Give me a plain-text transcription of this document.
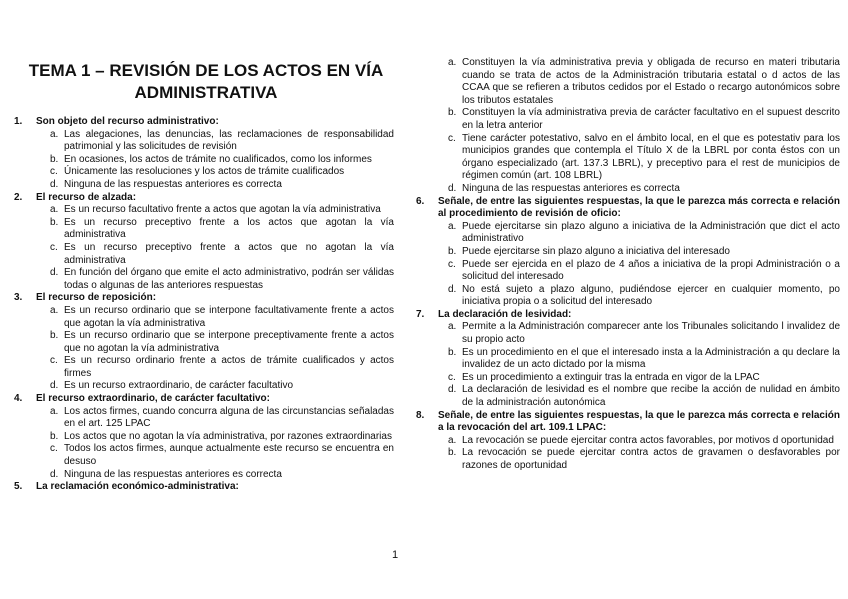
TEMA 1 – REVISIÓN DE LOS ACTOS EN VÍA
ADMINISTRATIVA
1.	Son objeto del recurso administrativo:
a. Las alegaciones, las denuncias, las reclamaciones de responsabilidad patrimonial y las solicitudes de revisión
b. En ocasiones, los actos de trámite no cualificados, como los informes
c. Únicamente las resoluciones y los actos de trámite cualificados
d. Ninguna de las respuestas anteriores es correcta
2.	El recurso de alzada:
a. Es un recurso facultativo frente a actos que agotan la vía administrativa
b. Es un recurso preceptivo frente a los actos que agotan la vía administrativa
c. Es un recurso preceptivo frente a actos que no agotan la vía administrativa
d. En función del órgano que emite el acto administrativo, podrán ser válidas todas o algunas de las anteriores respuestas
3.	El recurso de reposición:
a. Es un recurso ordinario que se interpone facultativamente frente a actos que agotan la vía administrativa
b. Es un recurso ordinario que se interpone preceptivamente frente a actos que no agotan la vía administrativa
c. Es un recurso ordinario frente a actos de trámite cualificados y actos firmes
d. Es un recurso extraordinario, de carácter facultativo
4.	El recurso extraordinario, de carácter facultativo:
a. Los actos firmes, cuando concurra alguna de las circunstancias señaladas en el art. 125 LPAC
b. Los actos que no agotan la vía administrativa, por razones extraordinarias
c. Todos los actos firmes, aunque actualmente este recurso se encuentra en desuso
d. Ninguna de las respuestas anteriores es correcta
5.	La reclamación económico-administrativa:
a. Constituyen la vía administrativa previa y obligada de recurso en materi tributaria cuando se trata de actos de la Administración tributaria estatal o d actos de las CCAA que se refieren a tributos cedidos por el Estado o recargo autonómicos sobre los tributos estatales
b. Constituyen la vía administrativa previa de carácter facultativo en el supuest descrito en la letra anterior
c. Tiene carácter potestativo, salvo en el ámbito local, en el que es potestativ para los municipios grandes que contempla el Título X de la LBRL por conta éstos con un órgano especializado (art. 137.3 LBRL), y preceptivo para el rest de municipios de régimen común (art. 108 LBRL)
d. Ninguna de las respuestas anteriores es correcta
6.	Señale, de entre las siguientes respuestas, la que le parezca más correcta e relación al procedimiento de revisión de oficio:
a. Puede ejercitarse sin plazo alguno a iniciativa de la Administración que dict el acto administrativo
b. Puede ejercitarse sin plazo alguno a iniciativa del interesado
c. Puede ser ejercida en el plazo de 4 años a iniciativa de la propi Administración o a solicitud del interesado
d. No está sujeto a plazo alguno, pudiéndose ejercer en cualquier momento, po iniciativa propia o a solicitud del interesado
7.	La declaración de lesividad:
a. Permite a la Administración comparecer ante los Tribunales solicitando l invalidez de su propio acto
b. Es un procedimiento en el que el interesado insta a la Administración a qu declare la invalidez de un acto dictado por la misma
c. Es un procedimiento a extinguir tras la entrada en vigor de la LPAC
d. La declaración de lesividad es el nombre que recibe la acción de nulidad en ámbito de la administración autonómica
8.	Señale, de entre las siguientes respuestas, la que le parezca más correcta e relación a la revocación del art. 109.1 LPAC:
a. La revocación se puede ejercitar contra actos favorables, por motivos d oportunidad
b. La revocación se puede ejercitar contra actos de gravamen o desfavorables por razones de oportunidad
1
